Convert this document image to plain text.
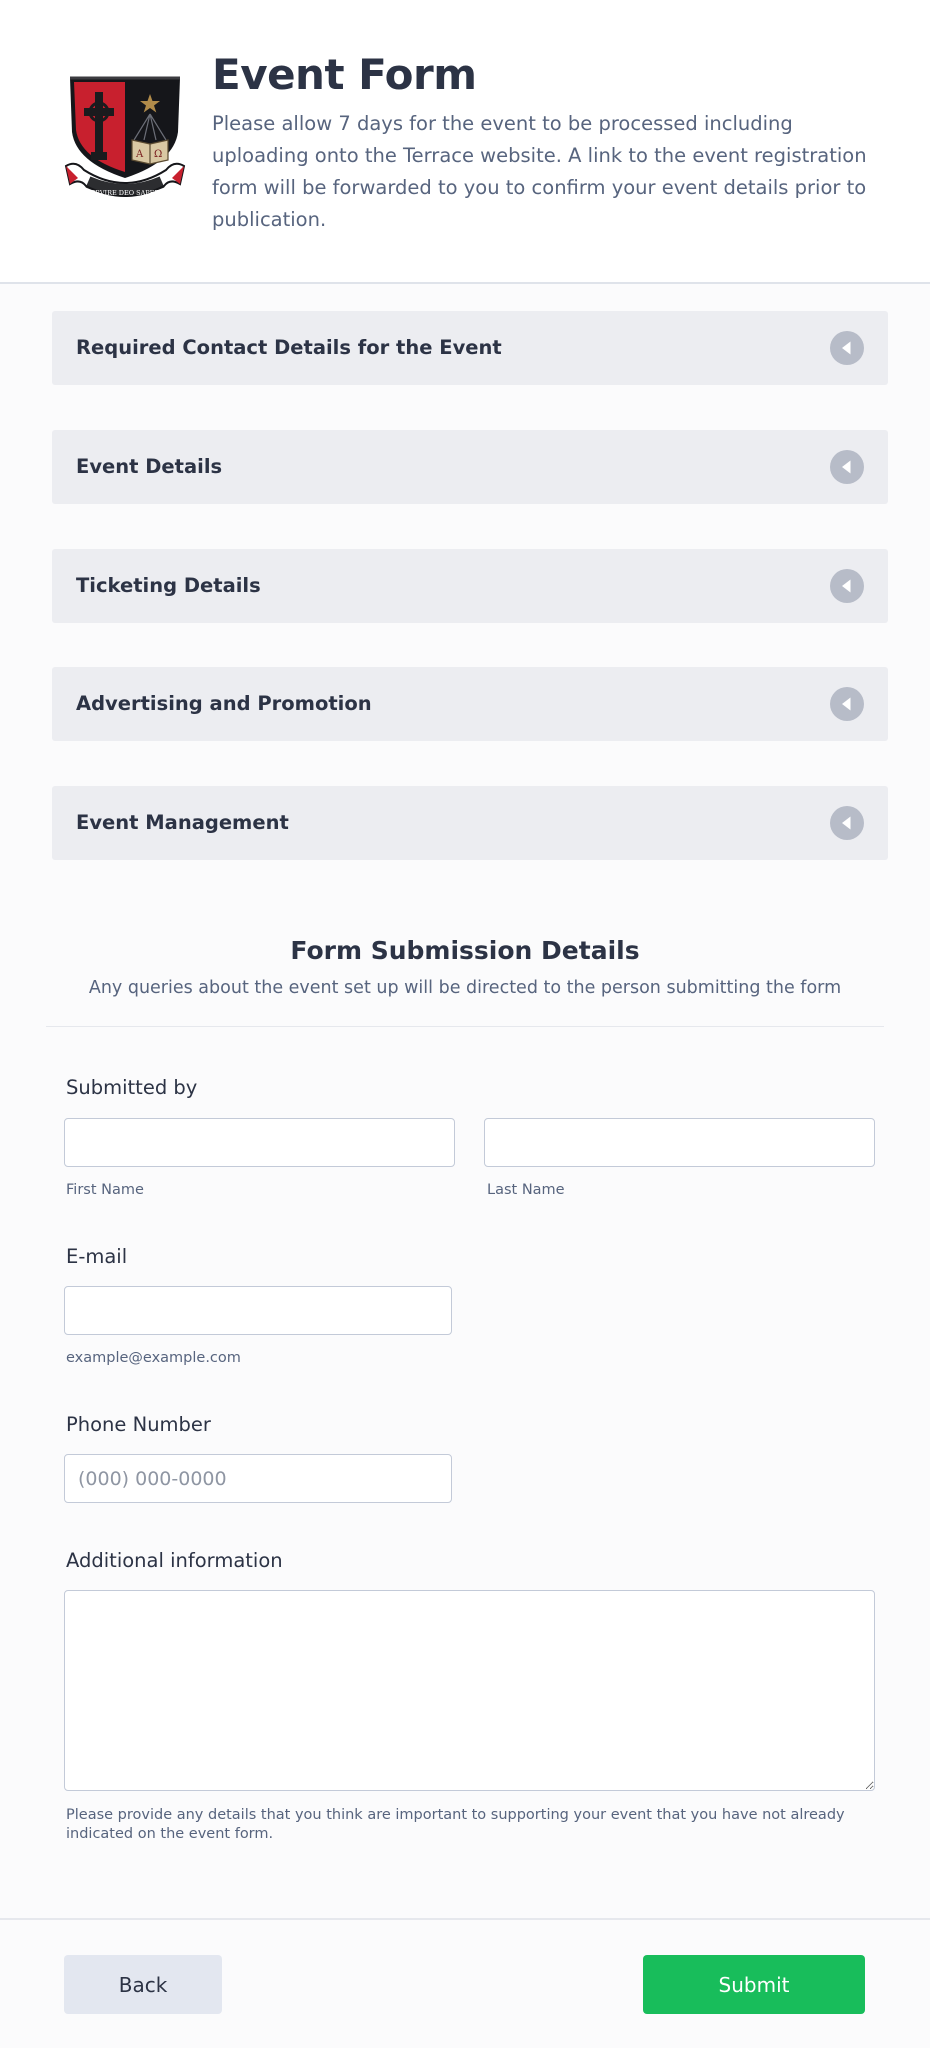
A Ω
SERVIRE DEO SAPERE
Event Form
Please allow 7 days for the event to be processed including uploading onto the Terrace website. A link to the event registration form will be forwarded to you to confirm your event details prior to publication.
Required Contact Details for the Event
Event Details
Ticketing Details
Advertising and Promotion
Event Management
Form Submission Details
Any queries about the event set up will be directed to the person submitting the form
Submitted by
First Name	Last Name
E-mail
example@example.com
Phone Number
(000) 000-0000
Additional information
Please provide any details that you think are important to supporting your event that you have not already indicated on the event form.
Back	Submit
